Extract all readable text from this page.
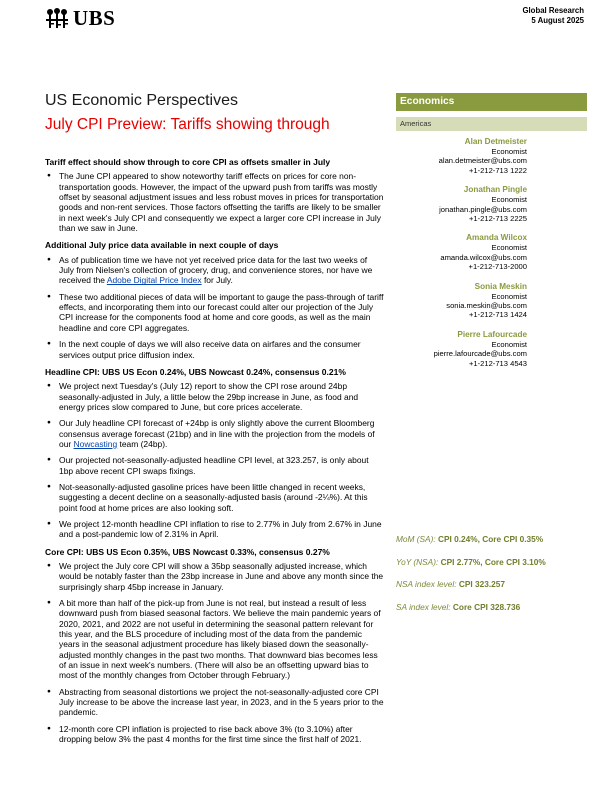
UBS	Global Research
5 August 2025
US Economic Perspectives
July CPI Preview: Tariffs showing through
Economics
Americas
Alan Detmeister
Economist
alan.detmeister@ubs.com
+1-212-713 1222
Jonathan Pingle
Economist
jonathan.pingle@ubs.com
+1-212-713 2225
Amanda Wilcox
Economist
amanda.wilcox@ubs.com
+1-212-713-2000
Sonia Meskin
Economist
sonia.meskin@ubs.com
+1-212-713 1424
Pierre Lafourcade
Economist
pierre.lafourcade@ubs.com
+1-212-713 4543
MoM (SA): CPI 0.24%, Core CPI 0.35%
YoY (NSA): CPI 2.77%, Core CPI 3.10%
NSA index level: CPI 323.257
SA index level: Core CPI 328.736
Tariff effect should show through to core CPI as offsets smaller in July
● The June CPI appeared to show noteworthy tariff effects on prices for core non-transportation goods. However, the impact of the upward push from tariffs was mostly offset by seasonal adjustment issues and less robust moves in prices for transportation goods and non-rent services. Those factors offsetting the tariffs are likely to be smaller in next week's July CPI and consequently we expect a larger core CPI increase in July than we saw in June.
Additional July price data available in next couple of days
● As of publication time we have not yet received price data for the last two weeks of July from Nielsen's collection of grocery, drug, and convenience stores, nor have we received the Adobe Digital Price Index for July.
● These two additional pieces of data will be important to gauge the pass-through of tariff effects, and incorporating them into our forecast could alter our projection of the July CPI increase for the components food at home and core goods, as well as the main headline and core CPI aggregates.
● In the next couple of days we will also receive data on airfares and the consumer services output price diffusion index.
Headline CPI: UBS US Econ 0.24%, UBS Nowcast 0.24%, consensus 0.21%
● We project next Tuesday's (July 12) report to show the CPI rose around 24bp seasonally-adjusted in July, a little below the 29bp increase in June, as food and energy prices slow compared to June, but core prices accelerate.
● Our July headline CPI forecast of +24bp is only slightly above the current Bloomberg consensus average forecast (21bp) and in line with the projection from the models of our Nowcasting team (24bp).
● Our projected not-seasonally-adjusted headline CPI level, at 323.257, is only about 1bp above recent CPI swaps fixings.
● Not-seasonally-adjusted gasoline prices have been little changed in recent weeks, suggesting a decent decline on a seasonally-adjusted basis (around -2¼%). At this point food at home prices are also looking soft.
● We project 12-month headline CPI inflation to rise to 2.77% in July from 2.67% in June and a post-pandemic low of 2.31% in April.
Core CPI: UBS US Econ 0.35%, UBS Nowcast 0.33%, consensus 0.27%
● We project the July core CPI will show a 35bp seasonally adjusted increase, which would be notably faster than the 23bp increase in June and above any month since the surprisingly sharp 45bp increase in January.
● A bit more than half of the pick-up from June is not real, but instead a result of less downward push from biased seasonal factors. We believe the main pandemic years of 2020, 2021, and 2022 are not useful in determining the seasonal pattern relevant for this year, and the BLS procedure of including most of the data from the pandemic years in the seasonal adjustment procedure has likely biased down the seasonally-adjusted monthly changes in the past two months. That downward bias becomes less of an issue in next week's numbers. (There will also be an offsetting upward bias to most of the monthly changes from October through February.)
● Abstracting from seasonal distortions we project the not-seasonally-adjusted core CPI July increase to be above the increase last year, in 2023, and in the 5 years prior to the pandemic.
● 12-month core CPI inflation is projected to rise back above 3% (to 3.10%) after dropping below 3% the past 4 months for the first time since the first half of 2021.
